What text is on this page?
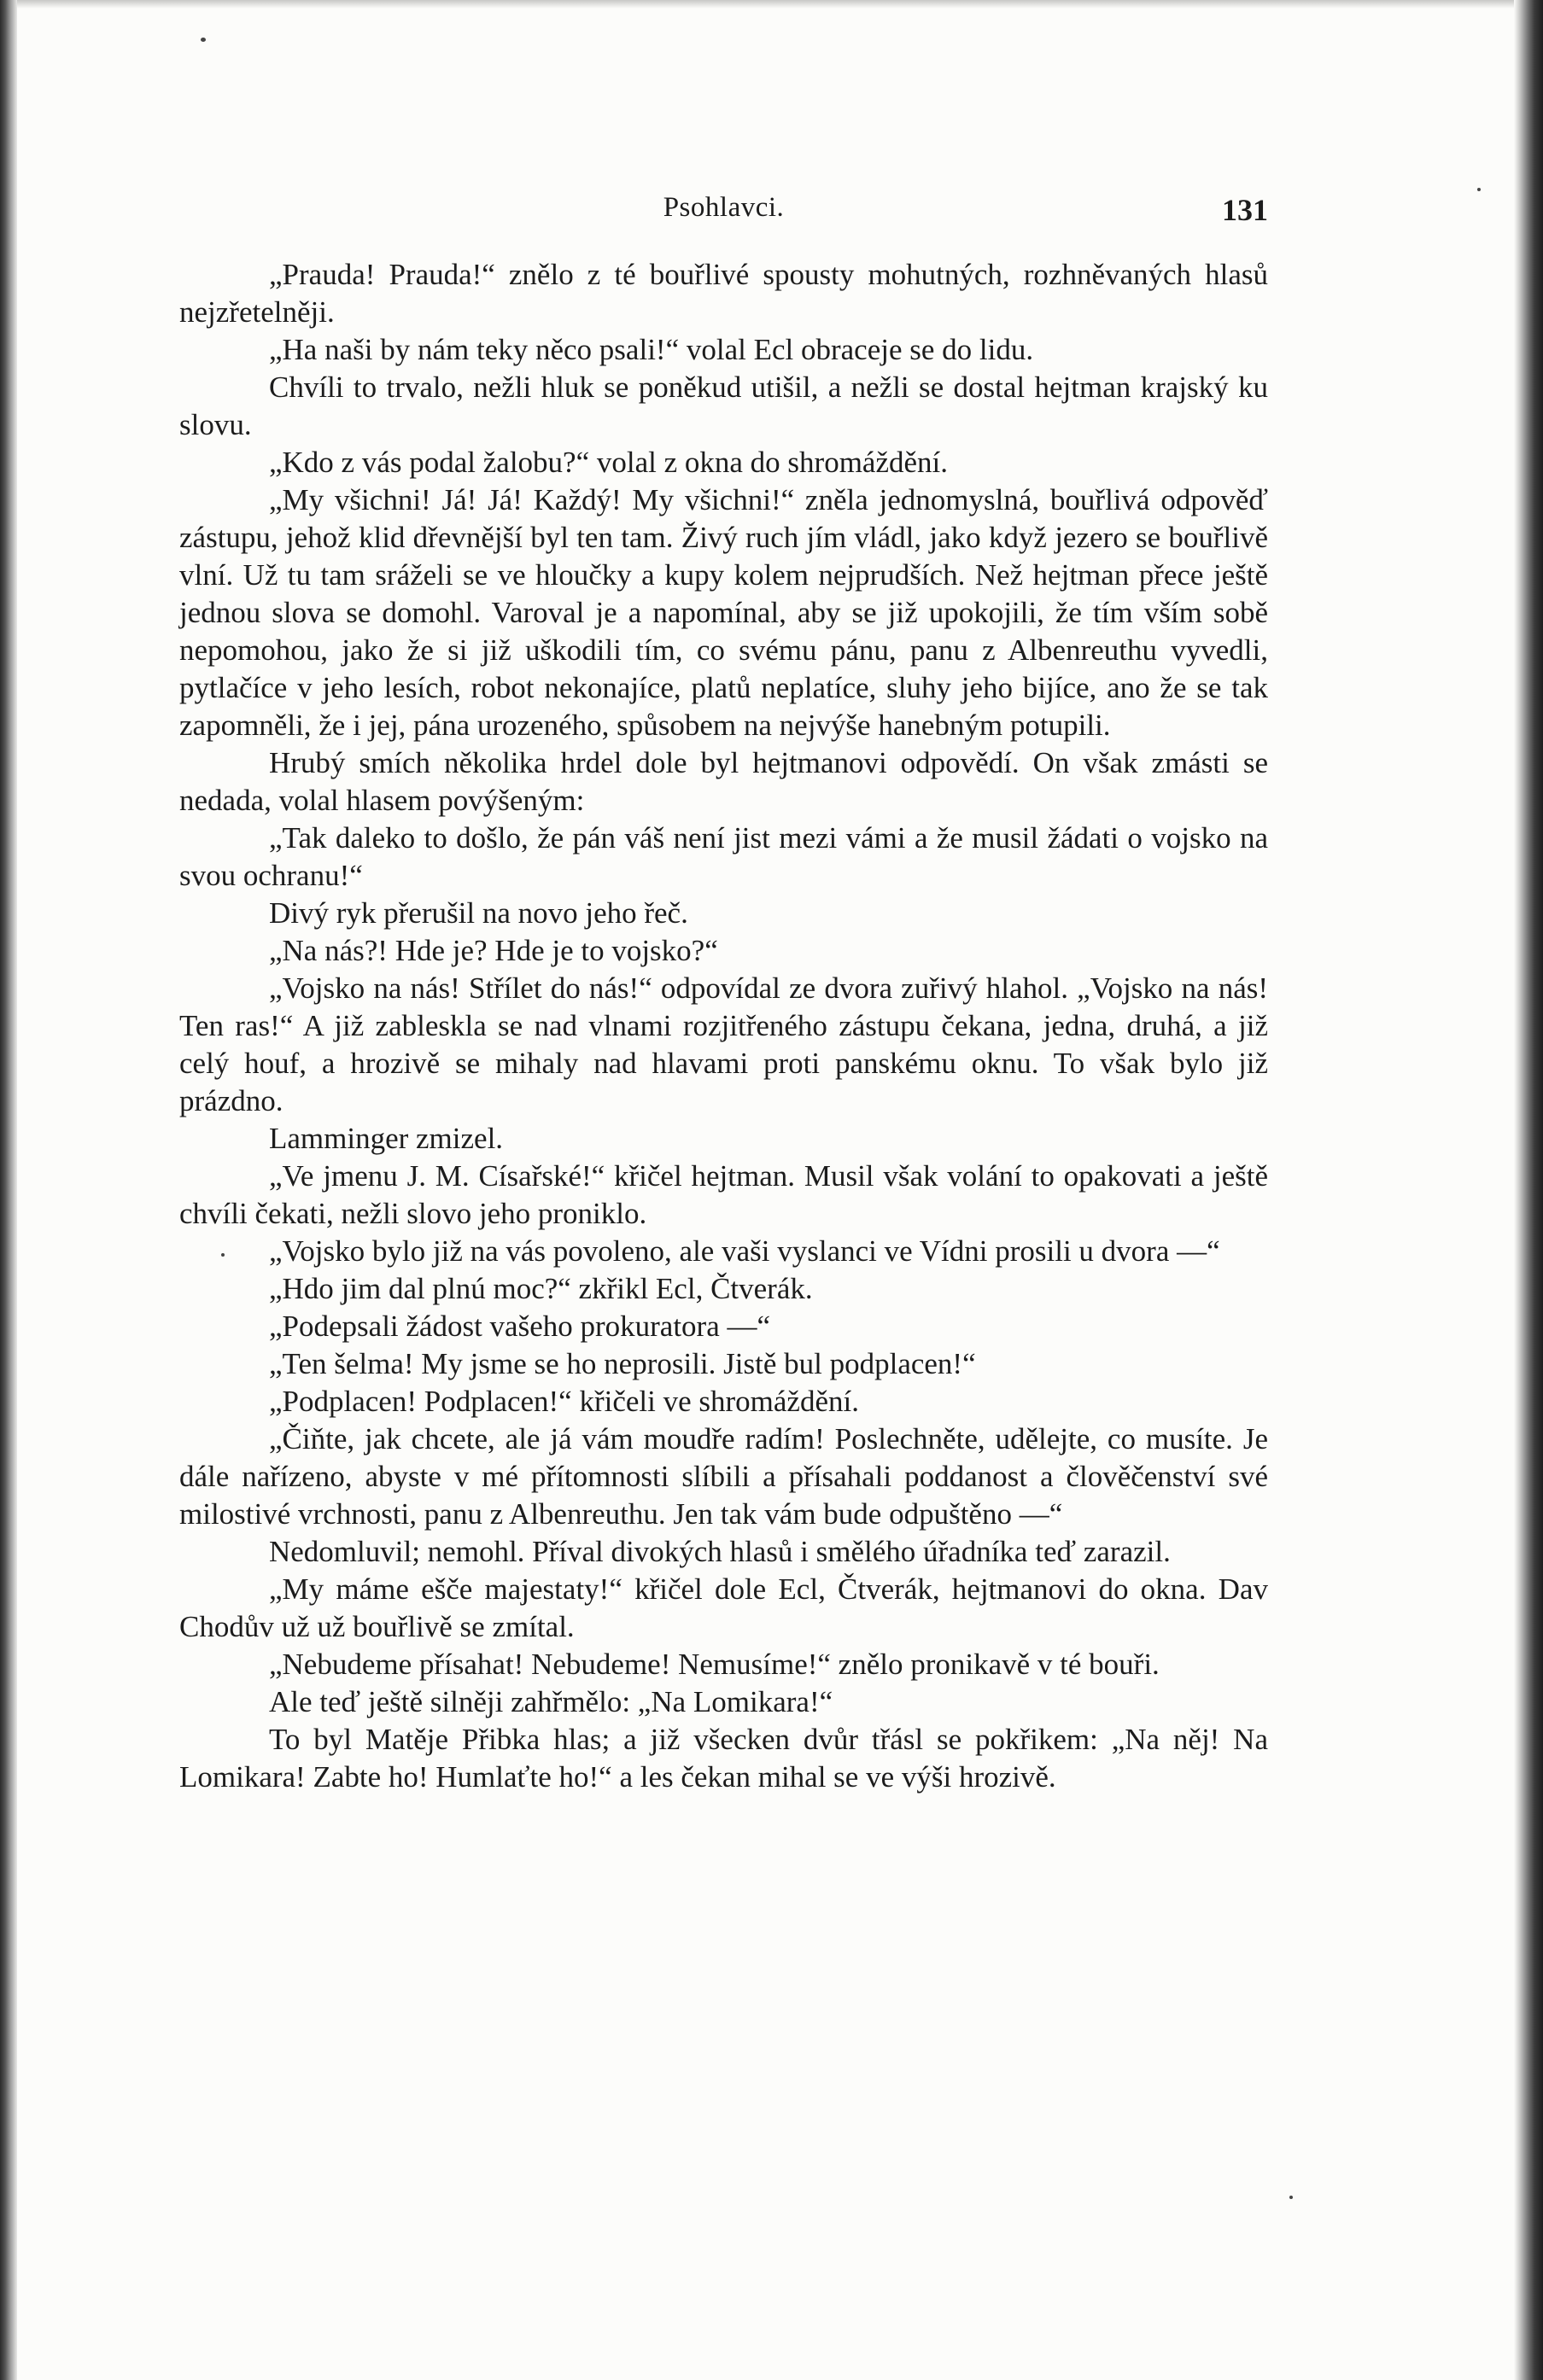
Psohlavci.	131

„Prauda! Prauda!“ znělo z té bouřlivé spousty mohutných, rozhněvaných hlasů nejzřetelněji.

„Ha naši by nám teky něco psali!“ volal Ecl obraceje se do lidu.

Chvíli to trvalo, nežli hluk se poněkud utišil, a nežli se dostal hejtman krajský ku slovu.

„Kdo z vás podal žalobu?“ volal z okna do shromáždění.

„My všichni! Já! Já! Každý! My všichni!“ zněla jednomyslná, bouřlivá odpověď zástupu, jehož klid dřevnější byl ten tam. Živý ruch jím vládl, jako když jezero se bouřlivě vlní. Už tu tam sráželi se ve hloučky a kupy kolem nejprudších. Než hejtman přece ještě jednou slova se domohl. Varoval je a napomínal, aby se již upokojili, že tím vším sobě nepomohou, jako že si již uškodili tím, co svému pánu, panu z Albenreuthu vyvedli, pytlačíce v jeho lesích, robot nekonajíce, platů neplatíce, sluhy jeho bijíce, ano že se tak zapomněli, že i jej, pána urozeného, spůsobem na nejvýše hanebným potupili.

Hrubý smích několika hrdel dole byl hejtmanovi odpovědí. On však zmásti se nedada, volal hlasem povýšeným:

„Tak daleko to došlo, že pán váš není jist mezi vámi a že musil žádati o vojsko na svou ochranu!“

Divý ryk přerušil na novo jeho řeč.

„Na nás?! Hde je? Hde je to vojsko?“

„Vojsko na nás! Střílet do nás!“ odpovídal ze dvora zuřivý hlahol. „Vojsko na nás! Ten ras!“ A již zablesklа se nad vlnami rozjitřeného zástupu čekana, jedna, druhá, a již celý houf, a hrozivě se mihaly nad hlavami proti panskému oknu. To však bylo již prázdno.

Lamminger zmizel.

„Ve jmenu J. M. Císařské!“ křičel hejtman. Musil však volání to opakovati a ještě chvíli čekati, nežli slovo jeho proniklo.

„Vojsko bylo již na vás povoleno, ale vaši vyslanci ve Vídni prosili u dvora —“

„Hdo jim dal plnú moc?“ zkřikl Ecl, Čtverák.

„Podepsali žádost vašeho prokuratora —“

„Ten šelma! My jsme se ho neprosili. Jistě bul podplacen!“

„Podplacen! Podplacen!“ křičeli ve shromáždění.

„Čiňte, jak chcete, ale já vám moudře radím! Poslechněte, udělejte, co musíte. Je dále nařízeno, abyste v mé přítomnosti slíbili a přísahali poddanost a člověčenství své milostivé vrchnosti, panu z Albenreuthu. Jen tak vám bude odpuštěno —“

Nedomluvil; nemohl. Příval divokých hlasů i smělého úřadníka teď zarazil.

„My máme ešče majestaty!“ křičel dole Ecl, Čtverák, hejtmanovi do okna. Dav Chodův už už bouřlivě se zmítal.

„Nebudeme přísahat! Nebudeme! Nemusíme!“ znělo pronikavě v té bouři.

Ale teď ještě silněji zahřmělo: „Na Lomikara!“

To byl Matěje Přibka hlas; a již všecken dvůr třásl se pokřikem: „Na něj! Na Lomikara! Zabte ho! Humlaťte ho!“ a les čekan mihal se ve výši hrozivě.
